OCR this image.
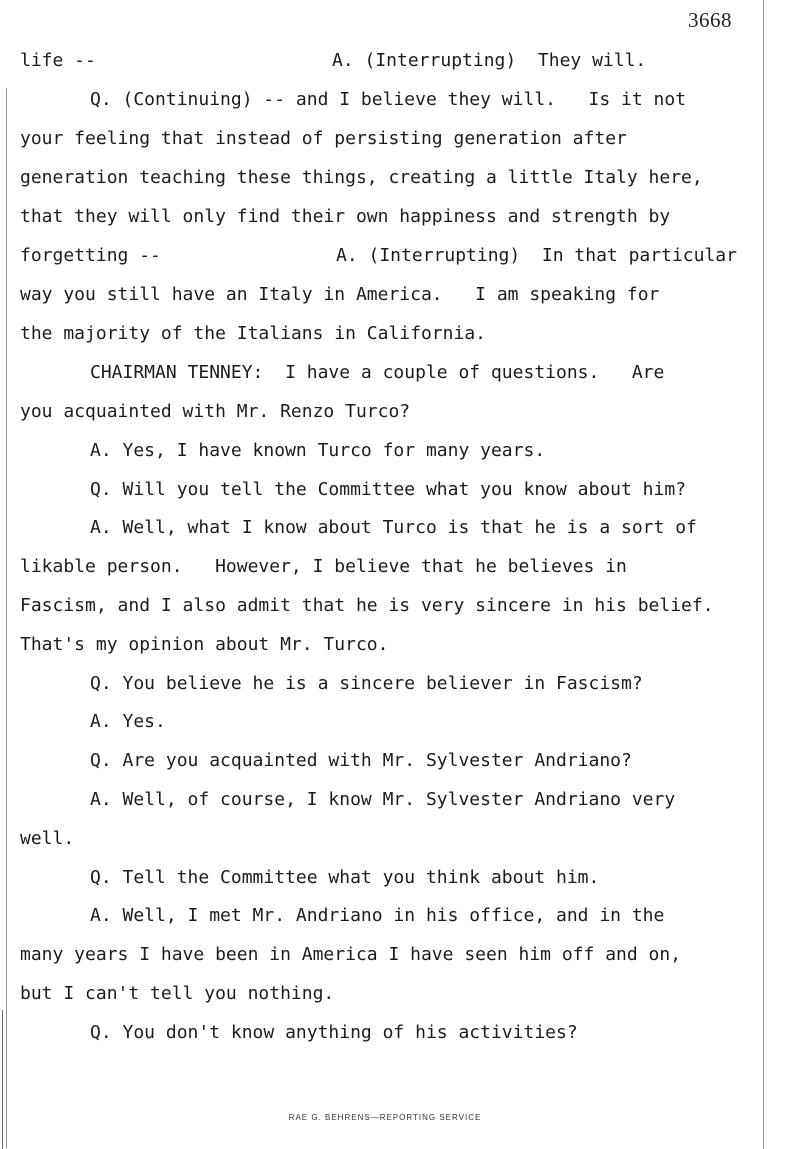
3668
life --	A. (Interrupting)  They will.
Q. (Continuing) -- and I believe they will.   Is it not
your feeling that instead of persisting generation after
generation teaching these things, creating a little Italy here,
that they will only find their own happiness and strength by
forgetting --	A. (Interrupting)  In that particular
way you still have an Italy in America.   I am speaking for
the majority of the Italians in California.
CHAIRMAN TENNEY:  I have a couple of questions.   Are
you acquainted with Mr. Renzo Turco?
A. Yes, I have known Turco for many years.
Q. Will you tell the Committee what you know about him?
A. Well, what I know about Turco is that he is a sort of
likable person.   However, I believe that he believes in
Fascism, and I also admit that he is very sincere in his belief.
That's my opinion about Mr. Turco.
Q. You believe he is a sincere believer in Fascism?
A. Yes.
Q. Are you acquainted with Mr. Sylvester Andriano?
A. Well, of course, I know Mr. Sylvester Andriano very
well.
Q. Tell the Committee what you think about him.
A. Well, I met Mr. Andriano in his office, and in the
many years I have been in America I have seen him off and on,
but I can't tell you nothing.
Q. You don't know anything of his activities?
RAE G. BEHRENS—REPORTING SERVICE
